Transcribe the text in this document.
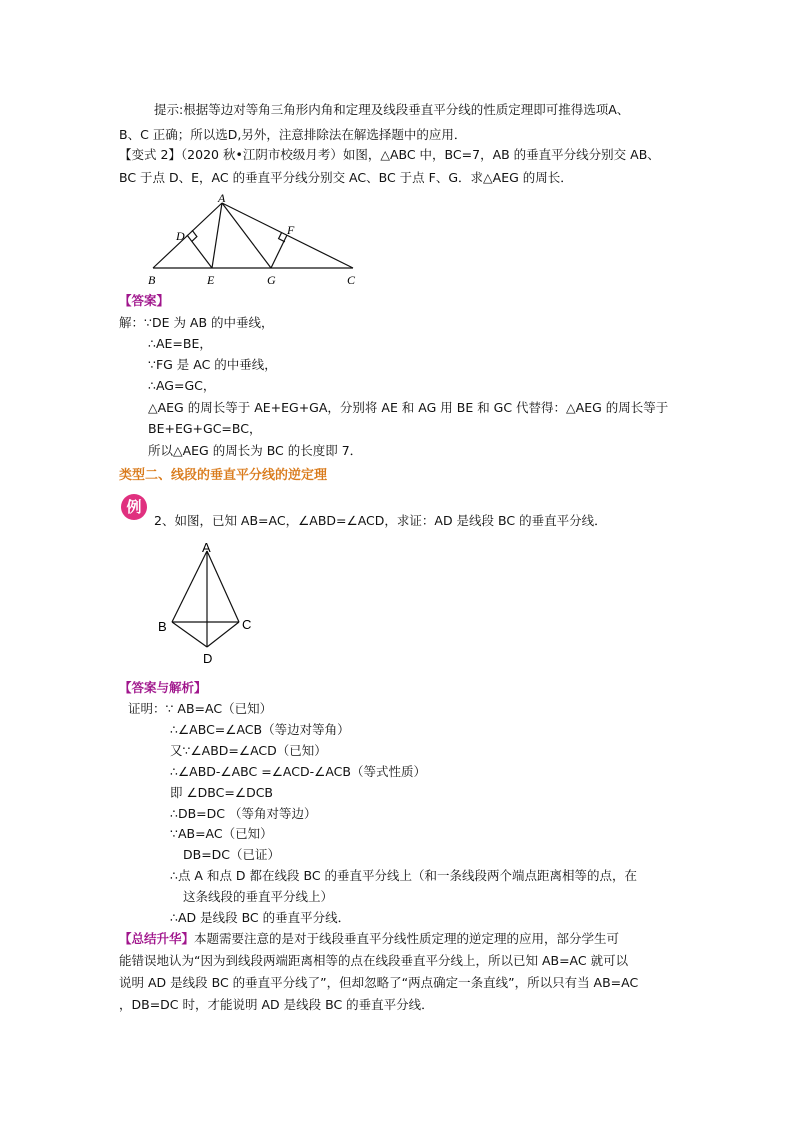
提示:根据等边对等角三角形内角和定理及线段垂直平分线的性质定理即可推得选项A、
B、C 正确；所以选D,另外，注意排除法在解选择题中的应用．
【变式 2】（2020 秋•江阴市校级月考）如图，△ABC 中，BC=7，AB 的垂直平分线分别交 AB、
BC 于点 D、E，AC 的垂直平分线分别交 AC、BC 于点 F、G．求△AEG 的周长．
A
B	C
D
E
F
G
【答案】
解：∵DE 为 AB 的中垂线，
∴AE=BE，
∵FG 是 AC 的中垂线，
∴AG=GC，
△AEG 的周长等于 AE+EG+GA，分别将 AE 和 AG 用 BE 和 GC 代替得：△AEG 的周长等于
BE+EG+GC=BC，
所以△AEG 的周长为 BC 的长度即 7．
类型二、线段的垂直平分线的逆定理
例
2、如图，已知 AB=AC，∠ABD=∠ACD，求证：AD 是线段 BC 的垂直平分线．
A
B	C
D
【答案与解析】
证明：∵ AB=AC（已知）
∴∠ABC=∠ACB（等边对等角）
又∵∠ABD=∠ACD（已知）
∴∠ABD-∠ABC =∠ACD-∠ACB（等式性质）
即 ∠DBC=∠DCB
∴DB=DC （等角对等边）
∵AB=AC（已知）
DB=DC（已证）
∴点 A 和点 D 都在线段 BC 的垂直平分线上（和一条线段两个端点距离相等的点，在
这条线段的垂直平分线上）
∴AD 是线段 BC 的垂直平分线．
【总结升华】本题需要注意的是对于线段垂直平分线性质定理的逆定理的应用，部分学生可
能错误地认为“因为到线段两端距离相等的点在线段垂直平分线上，所以已知 AB=AC 就可以
说明 AD 是线段 BC 的垂直平分线了”，但却忽略了“两点确定一条直线”，所以只有当 AB=AC
，DB=DC 时，才能说明 AD 是线段 BC 的垂直平分线．
